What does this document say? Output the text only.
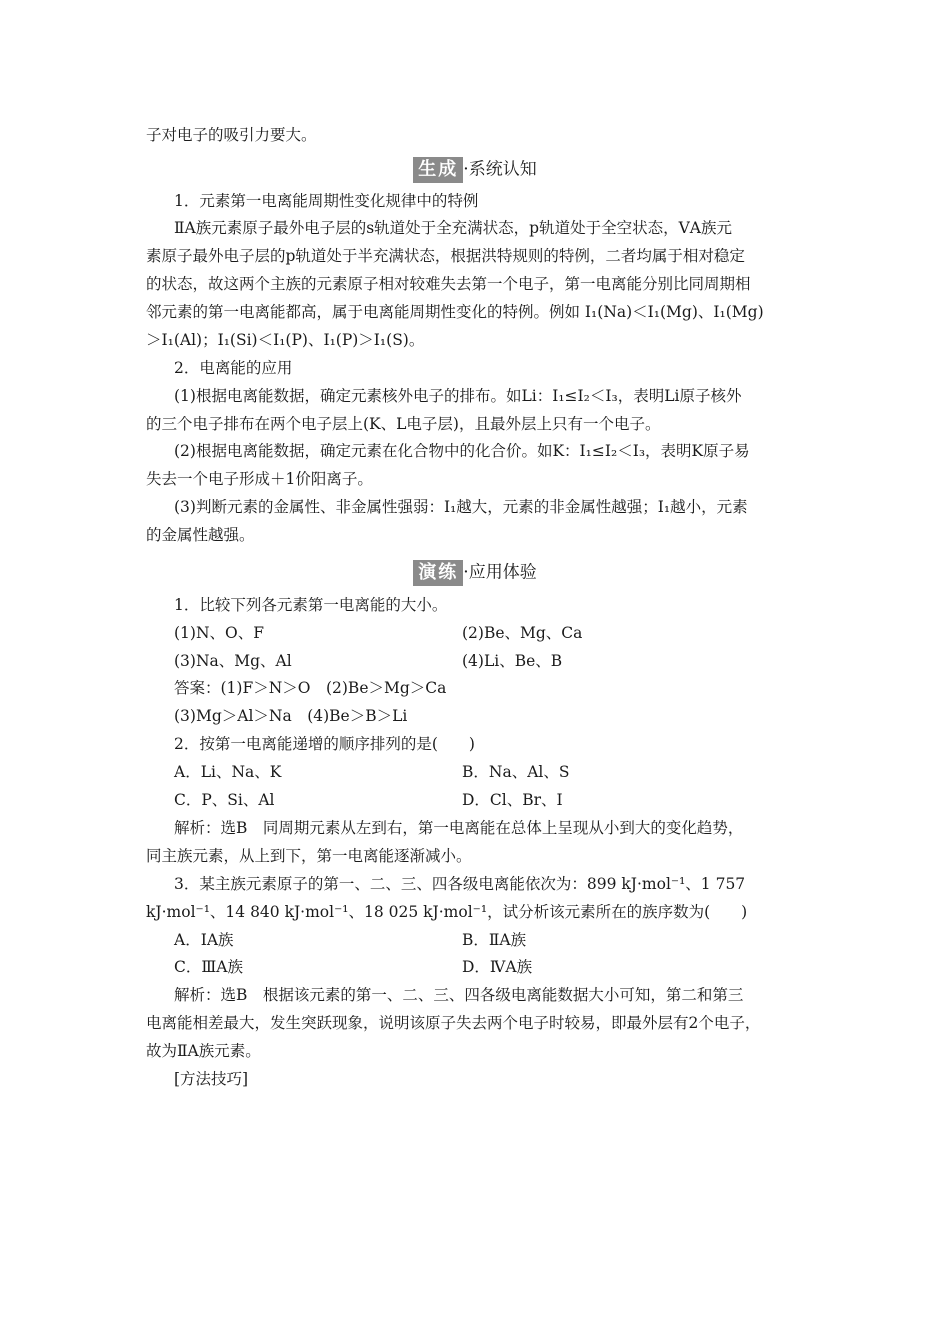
子对电子的吸引力要大。
生成 ·系统认知
1．元素第一电离能周期性变化规律中的特例
ⅡA族元素原子最外电子层的s轨道处于全充满状态，p轨道处于全空状态，ⅤA族元
素原子最外电子层的p轨道处于半充满状态，根据洪特规则的特例，二者均属于相对稳定
的状态，故这两个主族的元素原子相对较难失去第一个电子，第一电离能分别比同周期相
邻元素的第一电离能都高，属于电离能周期性变化的特例。例如 I₁(Na)＜I₁(Mg)、I₁(Mg)
＞I₁(Al)；I₁(Si)＜I₁(P)、I₁(P)＞I₁(S)。
2．电离能的应用
(1)根据电离能数据，确定元素核外电子的排布。如Li：I₁≤I₂＜I₃，表明Li原子核外
的三个电子排布在两个电子层上(K、L电子层)，且最外层上只有一个电子。
(2)根据电离能数据，确定元素在化合物中的化合价。如K：I₁≤I₂＜I₃，表明K原子易
失去一个电子形成＋1价阳离子。
(3)判断元素的金属性、非金属性强弱：I₁越大，元素的非金属性越强；I₁越小，元素
的金属性越强。
演练 ·应用体验
1．比较下列各元素第一电离能的大小。
(1)N、O、F	(2)Be、Mg、Ca
(3)Na、Mg、Al	(4)Li、Be、B
答案：(1)F＞N＞O　(2)Be＞Mg＞Ca
(3)Mg＞Al＞Na　(4)Be＞B＞Li
2．按第一电离能递增的顺序排列的是(　　)
A．Li、Na、K	B．Na、Al、S
C．P、Si、Al	D．Cl、Br、I
解析：选B　同周期元素从左到右，第一电离能在总体上呈现从小到大的变化趋势，
同主族元素，从上到下，第一电离能逐渐减小。
3．某主族元素原子的第一、二、三、四各级电离能依次为：899 kJ·mol⁻¹、1 757
kJ·mol⁻¹、14 840 kJ·mol⁻¹、18 025 kJ·mol⁻¹，试分析该元素所在的族序数为(　　)
A．ⅠA族	B．ⅡA族
C．ⅢA族	D．ⅣA族
解析：选B　根据该元素的第一、二、三、四各级电离能数据大小可知，第二和第三
电离能相差最大，发生突跃现象，说明该原子失去两个电子时较易，即最外层有2个电子，
故为ⅡA族元素。
[方法技巧]
